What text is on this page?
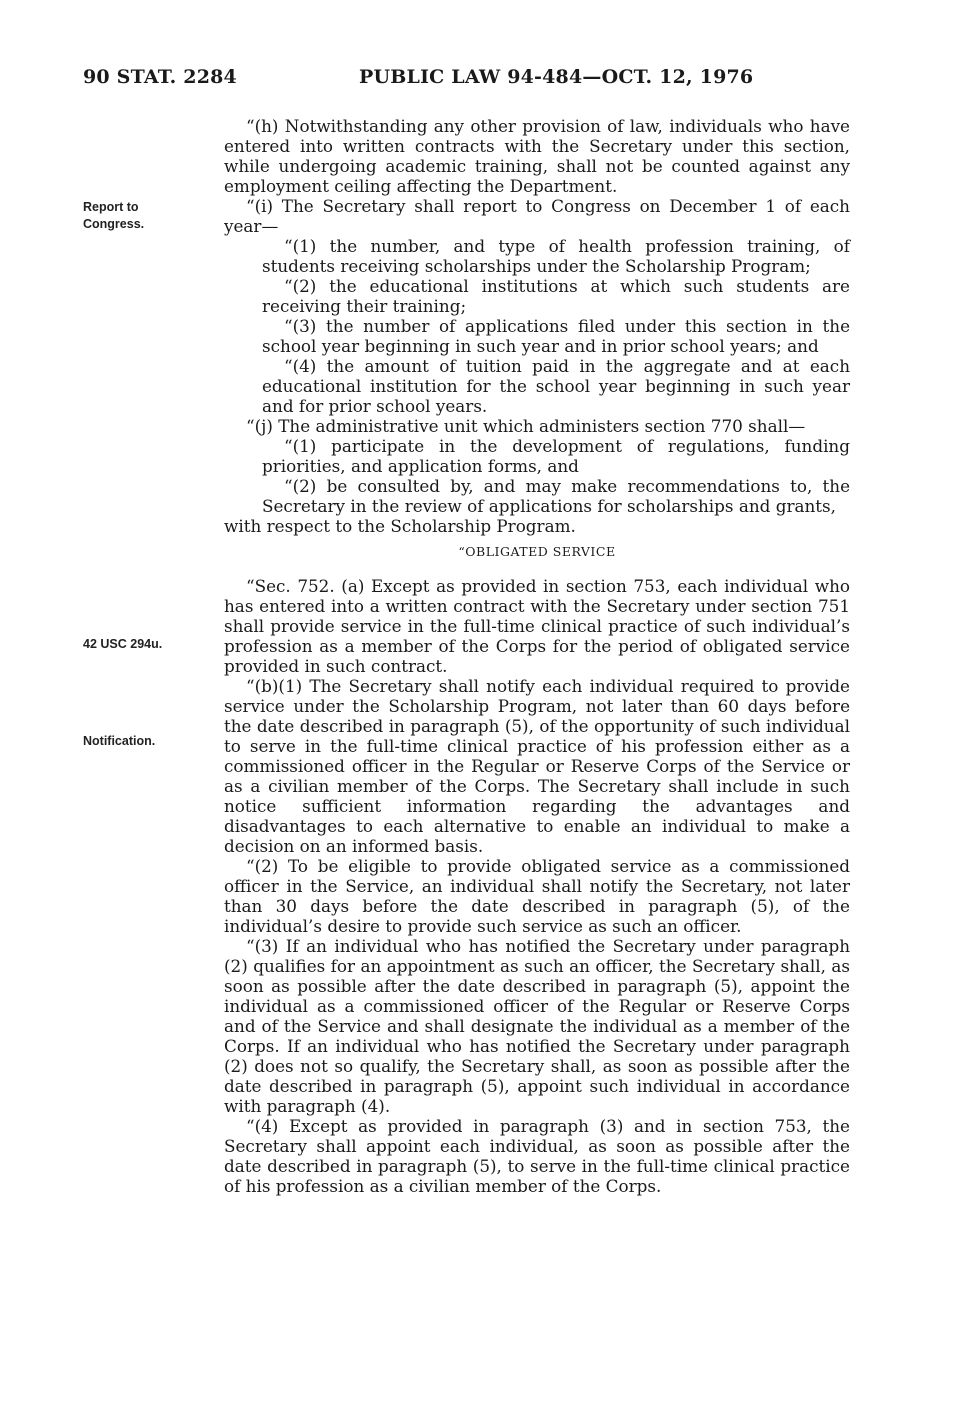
90 STAT. 2284	PUBLIC LAW 94-484—OCT. 12, 1976
Report to Congress.
42 USC 294u.
Notification.

“(h) Notwithstanding any other provision of law, individuals who have entered into written contracts with the Secretary under this section, while undergoing academic training, shall not be counted against any employment ceiling affecting the Department.

“(i) The Secretary shall report to Congress on December 1 of each year—

“(1) the number, and type of health profession training, of students receiving scholarships under the Scholarship Program;

“(2) the educational institutions at which such students are receiving their training;

“(3) the number of applications filed under this section in the school year beginning in such year and in prior school years; and

“(4) the amount of tuition paid in the aggregate and at each educational institution for the school year beginning in such year and for prior school years.

“(j) The administrative unit which administers section 770 shall—

“(1) participate in the development of regulations, funding priorities, and application forms, and

“(2) be consulted by, and may make recommendations to, the Secretary in the review of applications for scholarships and grants,

with respect to the Scholarship Program.

“OBLIGATED SERVICE

“Sec. 752. (a) Except as provided in section 753, each individual who has entered into a written contract with the Secretary under section 751 shall provide service in the full-time clinical practice of such individual’s profession as a member of the Corps for the period of obligated service provided in such contract.

“(b)(1) The Secretary shall notify each individual required to provide service under the Scholarship Program, not later than 60 days before the date described in paragraph (5), of the opportunity of such individual to serve in the full-time clinical practice of his profession either as a commissioned officer in the Regular or Reserve Corps of the Service or as a civilian member of the Corps. The Secretary shall include in such notice sufficient information regarding the advantages and disadvantages to each alternative to enable an individual to make a decision on an informed basis.

“(2) To be eligible to provide obligated service as a commissioned officer in the Service, an individual shall notify the Secretary, not later than 30 days before the date described in paragraph (5), of the individual’s desire to provide such service as such an officer.

“(3) If an individual who has notified the Secretary under paragraph (2) qualifies for an appointment as such an officer, the Secretary shall, as soon as possible after the date described in paragraph (5), appoint the individual as a commissioned officer of the Regular or Reserve Corps and of the Service and shall designate the individual as a member of the Corps. If an individual who has notified the Secretary under paragraph (2) does not so qualify, the Secretary shall, as soon as possible after the date described in paragraph (5), appoint such individual in accordance with paragraph (4).

“(4) Except as provided in paragraph (3) and in section 753, the Secretary shall appoint each individual, as soon as possible after the date described in paragraph (5), to serve in the full-time clinical practice of his profession as a civilian member of the Corps.
